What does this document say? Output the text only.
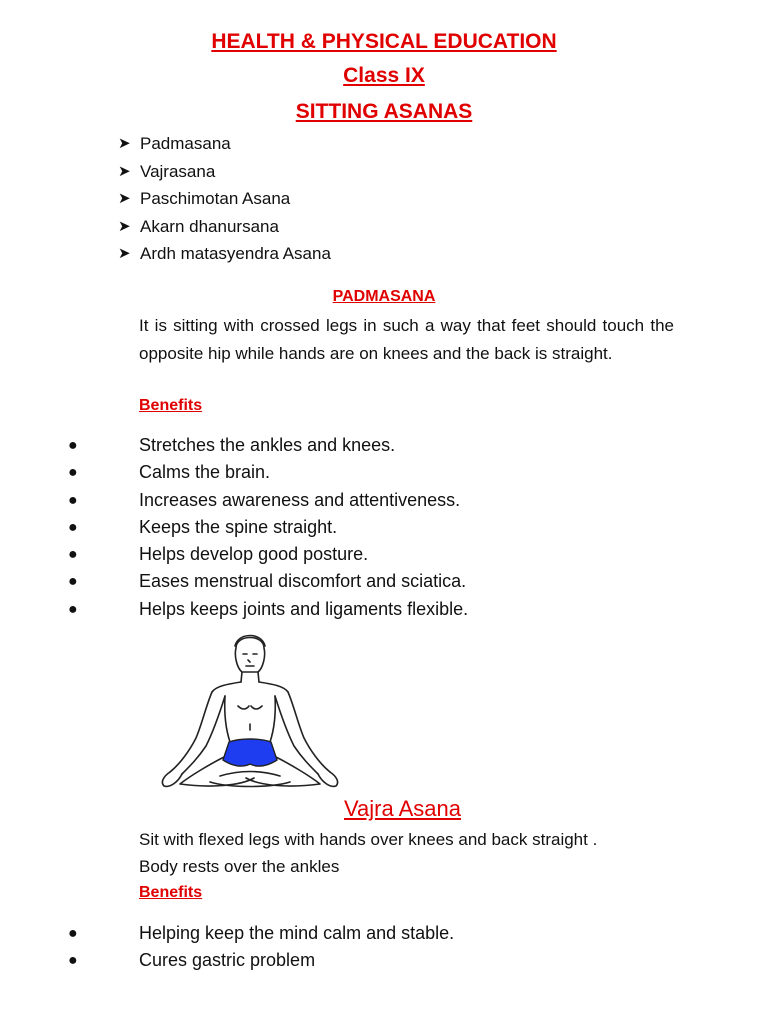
HEALTH & PHYSICAL EDUCATION
Class IX
SITTING ASANAS
➤ Padmasana
➤ Vajrasana
➤ Paschimotan Asana
➤ Akarn dhanursana
➤ Ardh matasyendra Asana
PADMASANA
It is sitting with crossed legs in such a way that feet should touch the opposite hip while hands are on knees and the back is straight.
Benefits
●	Stretches the ankles and knees.
●	Calms the brain.
●	Increases awareness and attentiveness.
●	Keeps the spine straight.
●	Helps develop good posture.
●	Eases menstrual discomfort and sciatica.
●	Helps keeps joints and ligaments flexible.
Vajra Asana
Sit with flexed legs with hands over knees and back straight .
Body rests over the ankles
Benefits
●	Helping keep the mind calm and stable.
●	Cures gastric problem
